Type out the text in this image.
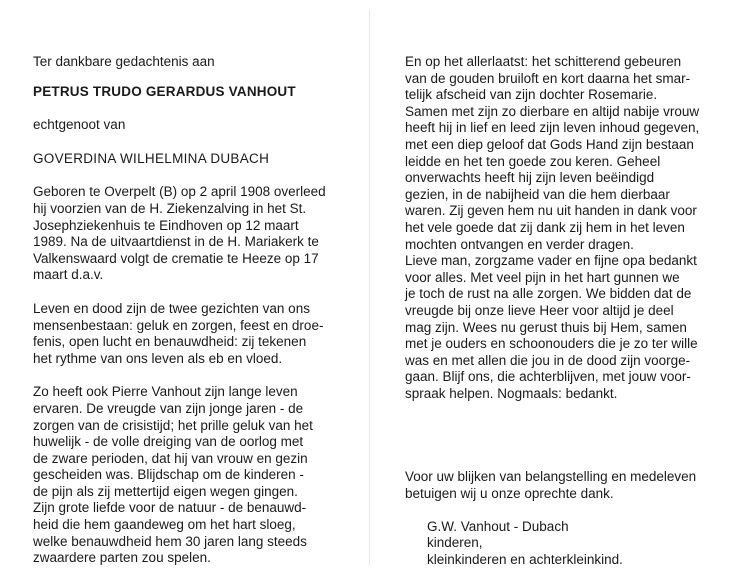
Ter dankbare gedachtenis aan

PETRUS TRUDO GERARDUS VANHOUT

echtgenoot van

GOVERDINA WILHELMINA DUBACH

Geboren te Overpelt (B) op 2 april 1908 overleed
hij voorzien van de H. Ziekenzalving in het St.
Josephziekenhuis te Eindhoven op 12 maart
1989. Na de uitvaartdienst in de H. Mariakerk te
Valkenswaard volgt de crematie te Heeze op 17
maart d.a.v.
Leven en dood zijn de twee gezichten van ons
mensenbestaan: geluk en zorgen, feest en droe-
fenis, open lucht en benauwdheid: zij tekenen
het rythme van ons leven als eb en vloed.
Zo heeft ook Pierre Vanhout zijn lange leven
ervaren. De vreugde van zijn jonge jaren - de
zorgen van de crisistijd; het prille geluk van het
huwelijk - de volle dreiging van de oorlog met
de zware perioden, dat hij van vrouw en gezin
gescheiden was. Blijdschap om de kinderen -
de pijn als zij mettertijd eigen wegen gingen.
Zijn grote liefde voor de natuur - de benauwd-
heid die hem gaandeweg om het hart sloeg,
welke benauwdheid hem 30 jaren lang steeds
zwaardere parten zou spelen.
En op het allerlaatst: het schitterend gebeuren
van de gouden bruiloft en kort daarna het smar-
telijk afscheid van zijn dochter Rosemarie.
Samen met zijn zo dierbare en altijd nabije vrouw
heeft hij in lief en leed zijn leven inhoud gegeven,
met een diep geloof dat Gods Hand zijn bestaan
leidde en het ten goede zou keren. Geheel
onverwachts heeft hij zijn leven beëindigd
gezien, in de nabijheid van die hem dierbaar
waren. Zij geven hem nu uit handen in dank voor
het vele goede dat zij dank zij hem in het leven
mochten ontvangen en verder dragen.
Lieve man, zorgzame vader en fijne opa bedankt
voor alles. Met veel pijn in het hart gunnen we
je toch de rust na alle zorgen. We bidden dat de
vreugde bij onze lieve Heer voor altijd je deel
mag zijn. Wees nu gerust thuis bij Hem, samen
met je ouders en schoonouders die je zo ter wille
was en met allen die jou in de dood zijn voorge-
gaan. Blijf ons, die achterblijven, met jouw voor-
spraak helpen. Nogmaals: bedankt.
Voor uw blijken van belangstelling en medeleven
betuigen wij u onze oprechte dank.
G.W. Vanhout - Dubach
kinderen,
kleinkinderen en achterkleinkind.
